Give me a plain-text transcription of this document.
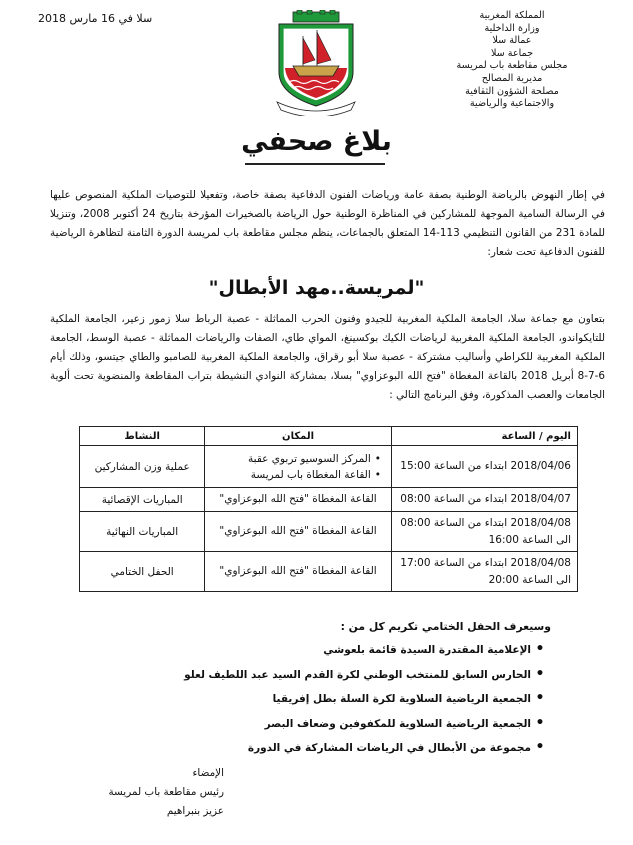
المملكة المغربية
وزارة الداخلية
عمالة سلا
جماعة سلا
مجلس مقاطعة باب لمريسة
مديرية المصالح
مصلحة الشؤون الثقافية
والاجتماعية والرياضية
سلا في 16 مارس 2018
بلاغ صحفي
في إطار النهوض بالرياضة الوطنية بصفة عامة ورياضات الفنون الدفاعية بصفة خاصة، وتفعيلا للتوصيات الملكية المنصوص عليها في الرسالة السامية الموجهة للمشاركين في المناظرة الوطنية حول الرياضة بالصخيرات المؤرخة بتاريخ 24 أكتوبر 2008، وتنزيلا للمادة 231 من القانون التنظيمي 113-14 المتعلق بالجماعات، ينظم مجلس مقاطعة باب لمريسة الدورة الثامنة لتظاهرة الرياضية للفنون الدفاعية تحت شعار:
"لمريسة..مهد الأبطال"
بتعاون مع جماعة سلا، الجامعة الملكية المغربية للجيدو وفنون الحرب المماثلة - عصبة الرباط سلا زمور زعير، الجامعة الملكية للتايكواندو، الجامعة الملكية المغربية لرياضات الكيك بوكسينغ، المواي طاي، الصفات والرياضات المماثلة - عصبة الوسط، الجامعة الملكية المغربية للكراطي وأساليب مشتركة - عصبة سلا أبو رقراق، والجامعة الملكية المغربية للصامبو والطاي جيتسو، وذلك أيام 6-7-8 أبريل 2018 بالقاعة المغطاة "فتح الله البوعزاوي" بسلا، بمشاركة النوادي النشيطة بتراب المقاطعة والمنضوية تحت ألوية الجامعات والعصب المذكورة، وفق البرنامج التالي :
اليوم / الساعة	المكان	النشاط

2018/04/06 ابتداء من الساعة 15:00	• المركز السوسيو تربوي عقبة
• القاعة المغطاة باب لمريسة	عملية وزن المشاركين

2018/04/07 ابتداء من الساعة 08:00	القاعة المغطاة "فتح الله البوعزاوي"	المباريات الإقصائية

2018/04/08 ابتداء من الساعة 08:00
الى الساعة 16:00	القاعة المغطاة "فتح الله البوعزاوي"	المباريات النهائية

2018/04/08 ابتداء من الساعة 17:00
الى الساعة 20:00	القاعة المغطاة "فتح الله البوعزاوي"	الحفل الختامي
وسيعرف الحفل الختامي تكريم كل من :
• الإعلامية المقتدرة السيدة قائمة بلعوشي
• الحارس السابق للمنتخب الوطني لكرة القدم السيد عبد اللطيف لعلو
• الجمعية الرياضية السلاوية لكرة السلة بطل إفريقيا
• الجمعية الرياضية السلاوية للمكفوفين وضعاف البصر
• مجموعة من الأبطال في الرياضات المشاركة في الدورة
الإمضاء
رئيس مقاطعة باب لمريسة
عزيز بنبراهيم
